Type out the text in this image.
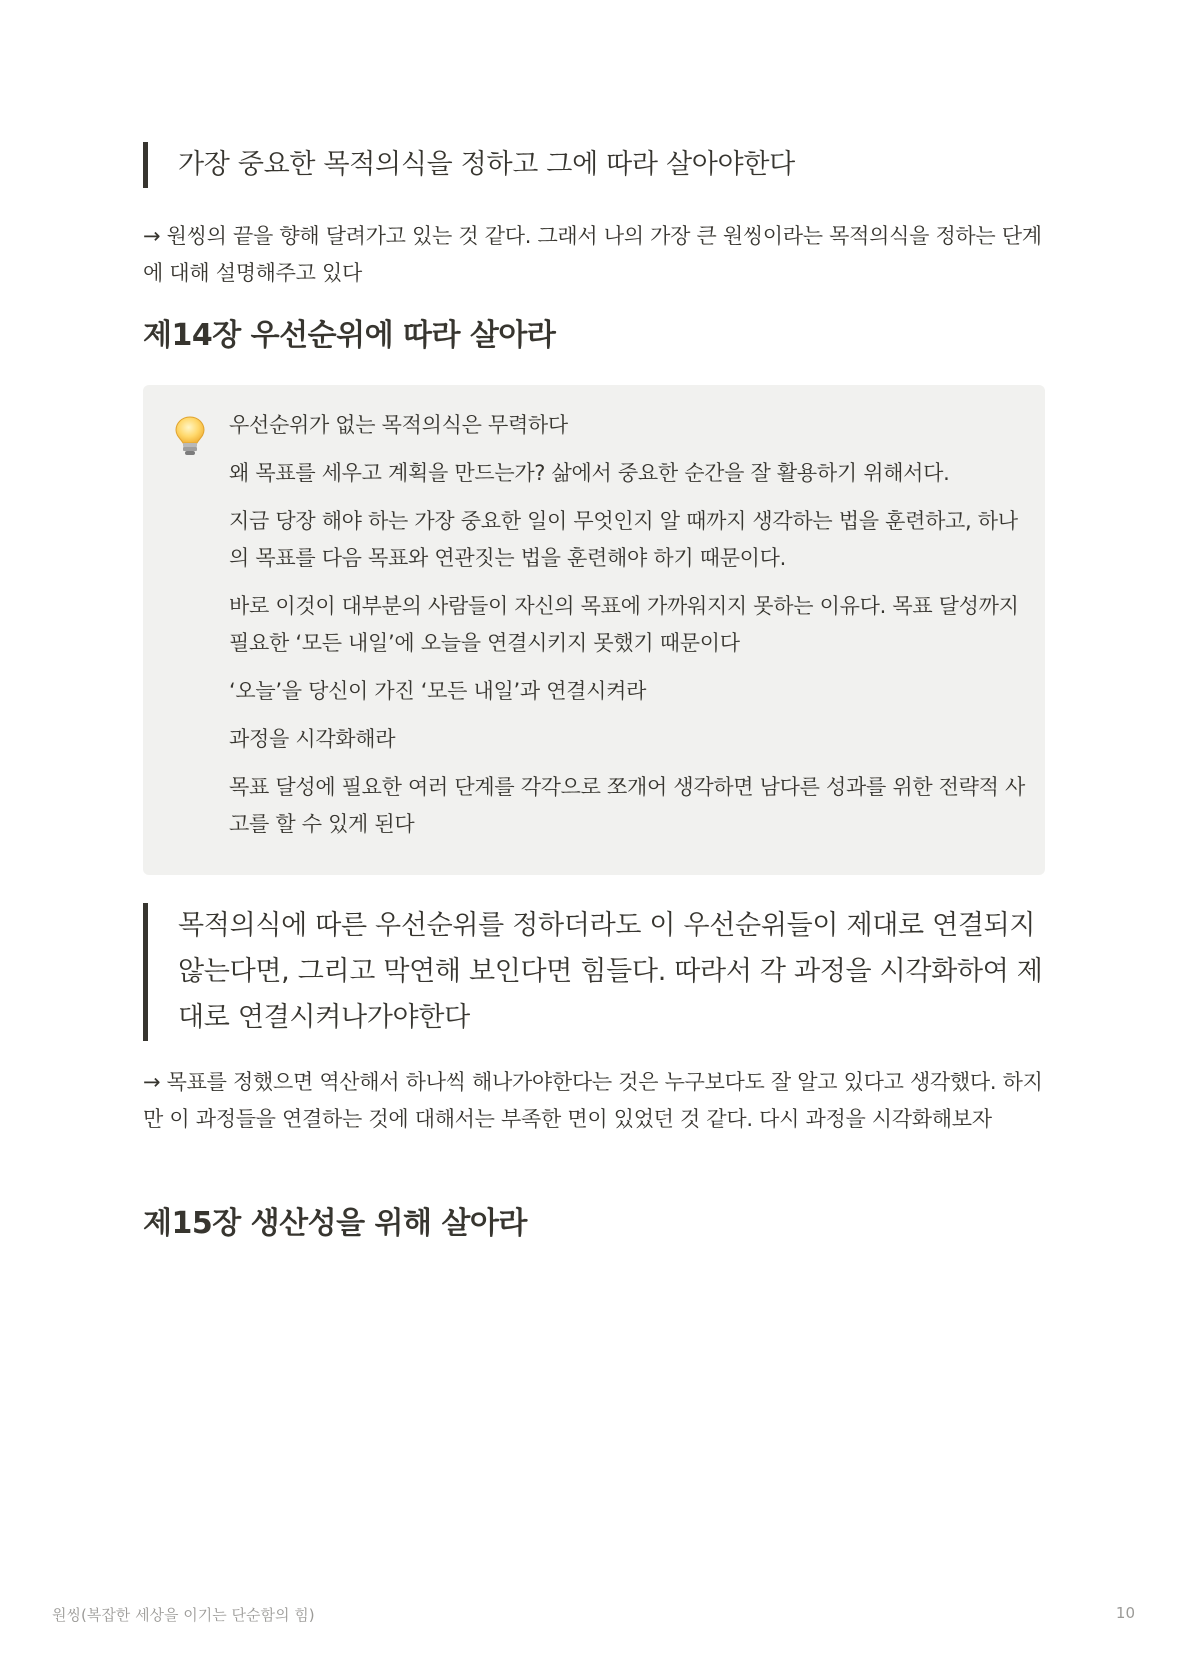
가장 중요한 목적의식을 정하고 그에 따라 살아야한다
→ 원씽의 끝을 향해 달려가고 있는 것 같다. 그래서 나의 가장 큰 원씽이라는 목적의식을 정하는 단계에 대해 설명해주고 있다
제14장 우선순위에 따라 살아라

우선순위가 없는 목적의식은 무력하다

왜 목표를 세우고 계획을 만드는가? 삶에서 중요한 순간을 잘 활용하기 위해서다.

지금 당장 해야 하는 가장 중요한 일이 무엇인지 알 때까지 생각하는 법을 훈련하고, 하나의 목표를 다음 목표와 연관짓는 법을 훈련해야 하기 때문이다.

바로 이것이 대부분의 사람들이 자신의 목표에 가까워지지 못하는 이유다. 목표 달성까지 필요한 ‘모든 내일’에 오늘을 연결시키지 못했기 때문이다

‘오늘’을 당신이 가진 ‘모든 내일’과 연결시켜라

과정을 시각화해라

목표 달성에 필요한 여러 단계를 각각으로 쪼개어 생각하면 남다른 성과를 위한 전략적 사고를 할 수 있게 된다

목적의식에 따른 우선순위를 정하더라도 이 우선순위들이 제대로 연결되지 않는다면, 그리고 막연해 보인다면 힘들다. 따라서 각 과정을 시각화하여 제대로 연결시켜나가야한다
→ 목표를 정했으면 역산해서 하나씩 해나가야한다는 것은 누구보다도 잘 알고 있다고 생각했다. 하지만 이 과정들을 연결하는 것에 대해서는 부족한 면이 있었던 것 같다. 다시 과정을 시각화해보자
제15장 생산성을 위해 살아라
원씽(복잡한 세상을 이기는 단순함의 힘)	10
